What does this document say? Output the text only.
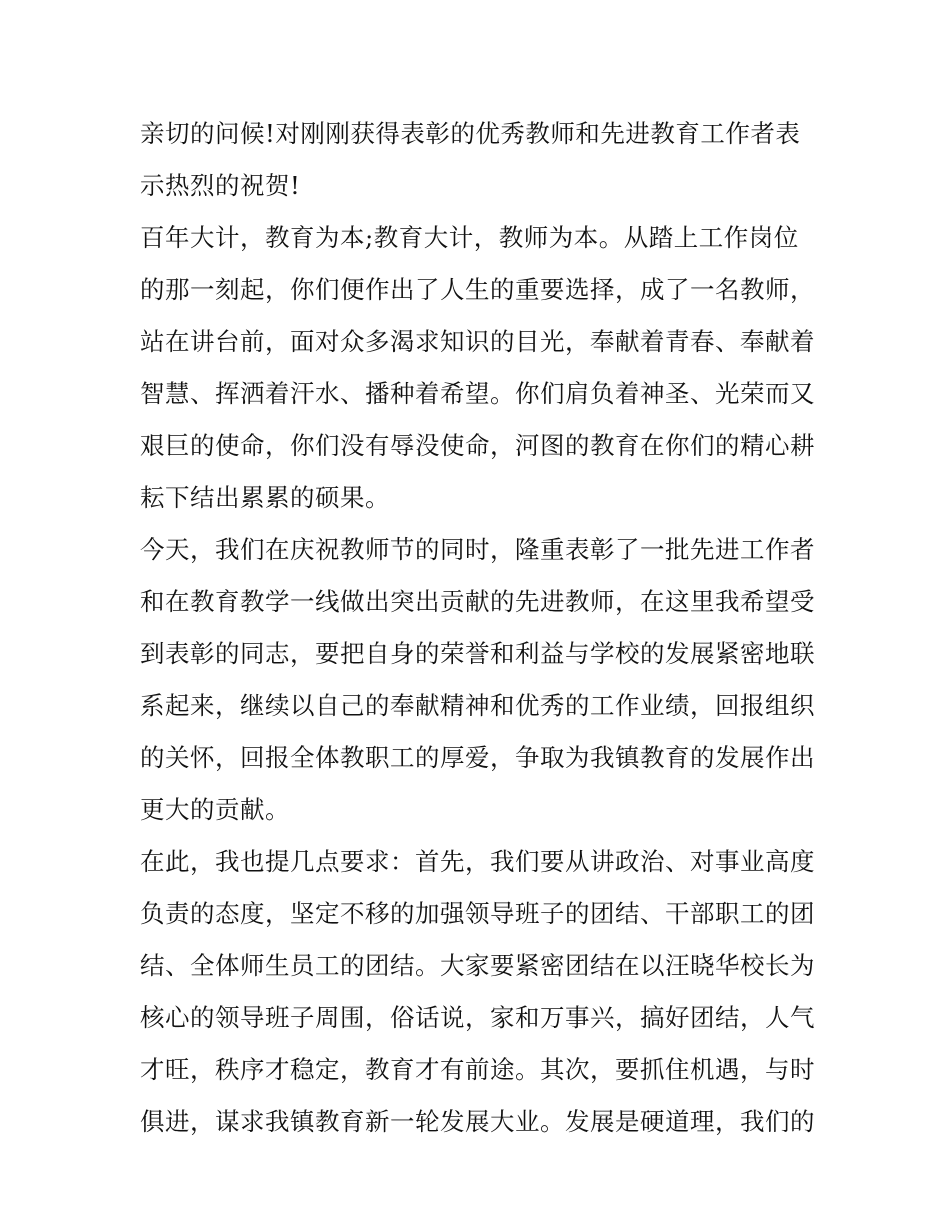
亲切的问候!对刚刚获得表彰的优秀教师和先进教育工作者表
示热烈的祝贺!
百年大计，教育为本;教育大计，教师为本。从踏上工作岗位
的那一刻起，你们便作出了人生的重要选择，成了一名教师，
站在讲台前，面对众多渴求知识的目光，奉献着青春、奉献着
智慧、挥洒着汗水、播种着希望。你们肩负着神圣、光荣而又
艰巨的使命，你们没有辱没使命，河图的教育在你们的精心耕
耘下结出累累的硕果。
今天，我们在庆祝教师节的同时，隆重表彰了一批先进工作者
和在教育教学一线做出突出贡献的先进教师，在这里我希望受
到表彰的同志，要把自身的荣誉和利益与学校的发展紧密地联
系起来，继续以自己的奉献精神和优秀的工作业绩，回报组织
的关怀，回报全体教职工的厚爱，争取为我镇教育的发展作出
更大的贡献。
在此，我也提几点要求：首先，我们要从讲政治、对事业高度
负责的态度，坚定不移的加强领导班子的团结、干部职工的团
结、全体师生员工的团结。大家要紧密团结在以汪晓华校长为
核心的领导班子周围，俗话说，家和万事兴，搞好团结，人气
才旺，秩序才稳定，教育才有前途。其次，要抓住机遇，与时
俱进，谋求我镇教育新一轮发展大业。发展是硬道理，我们的
